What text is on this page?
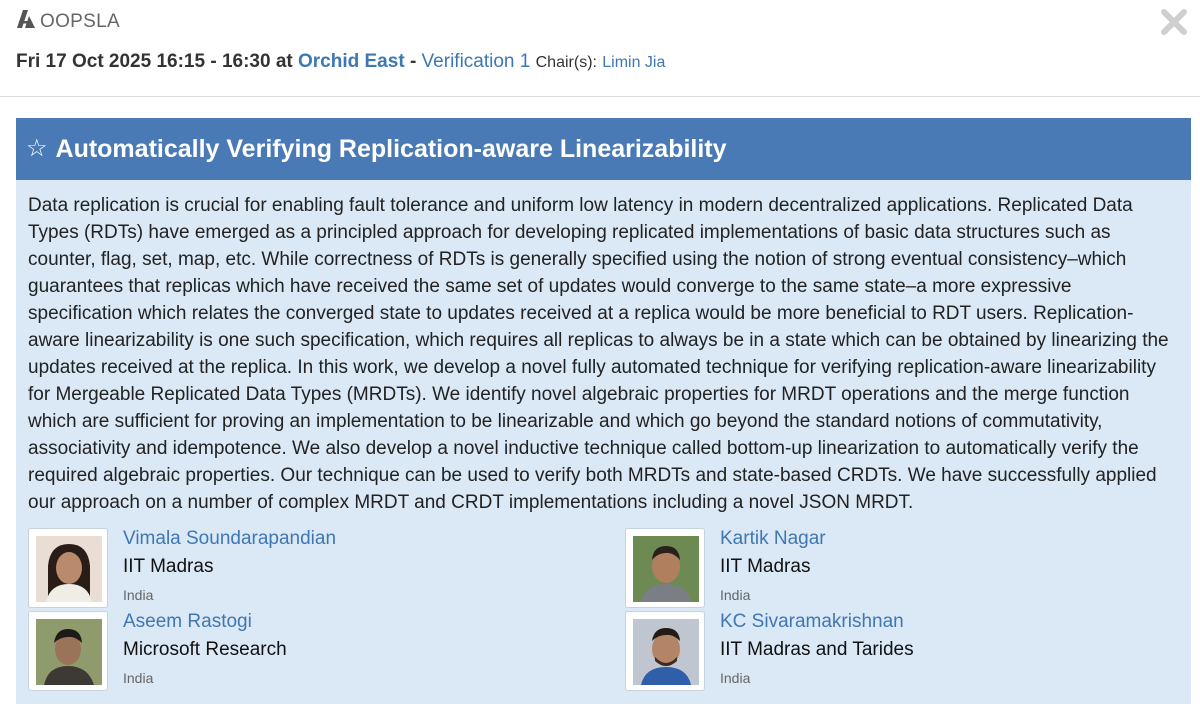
OOPSLA
Fri 17 Oct 2025 16:15 - 16:30 at Orchid East - Verification 1 Chair(s): Limin Jia
☆ Automatically Verifying Replication-aware Linearizability

Data replication is crucial for enabling fault tolerance and uniform low latency in modern decentralized applications. Replicated Data Types (RDTs) have emerged as a principled approach for developing replicated implementations of basic data structures such as counter, flag, set, map, etc. While correctness of RDTs is generally specified using the notion of strong eventual consistency–which guarantees that replicas which have received the same set of updates would converge to the same state–a more expressive specification which relates the converged state to updates received at a replica would be more beneficial to RDT users. Replication-aware linearizability is one such specification, which requires all replicas to always be in a state which can be obtained by linearizing the updates received at the replica. In this work, we develop a novel fully automated technique for verifying replication-aware linearizability for Mergeable Replicated Data Types (MRDTs). We identify novel algebraic properties for MRDT operations and the merge function which are sufficient for proving an implementation to be linearizable and which go beyond the standard notions of commutativity, associativity and idempotence. We also develop a novel inductive technique called bottom-up linearization to automatically verify the required algebraic properties. Our technique can be used to verify both MRDTs and state-based CRDTs. We have successfully applied our approach on a number of complex MRDT and CRDT implementations including a novel JSON MRDT.

Vimala Soundarapandian
IIT Madras
India
Kartik Nagar
IIT Madras
India
Aseem Rastogi
Microsoft Research
India
KC Sivaramakrishnan
IIT Madras and Tarides
India
